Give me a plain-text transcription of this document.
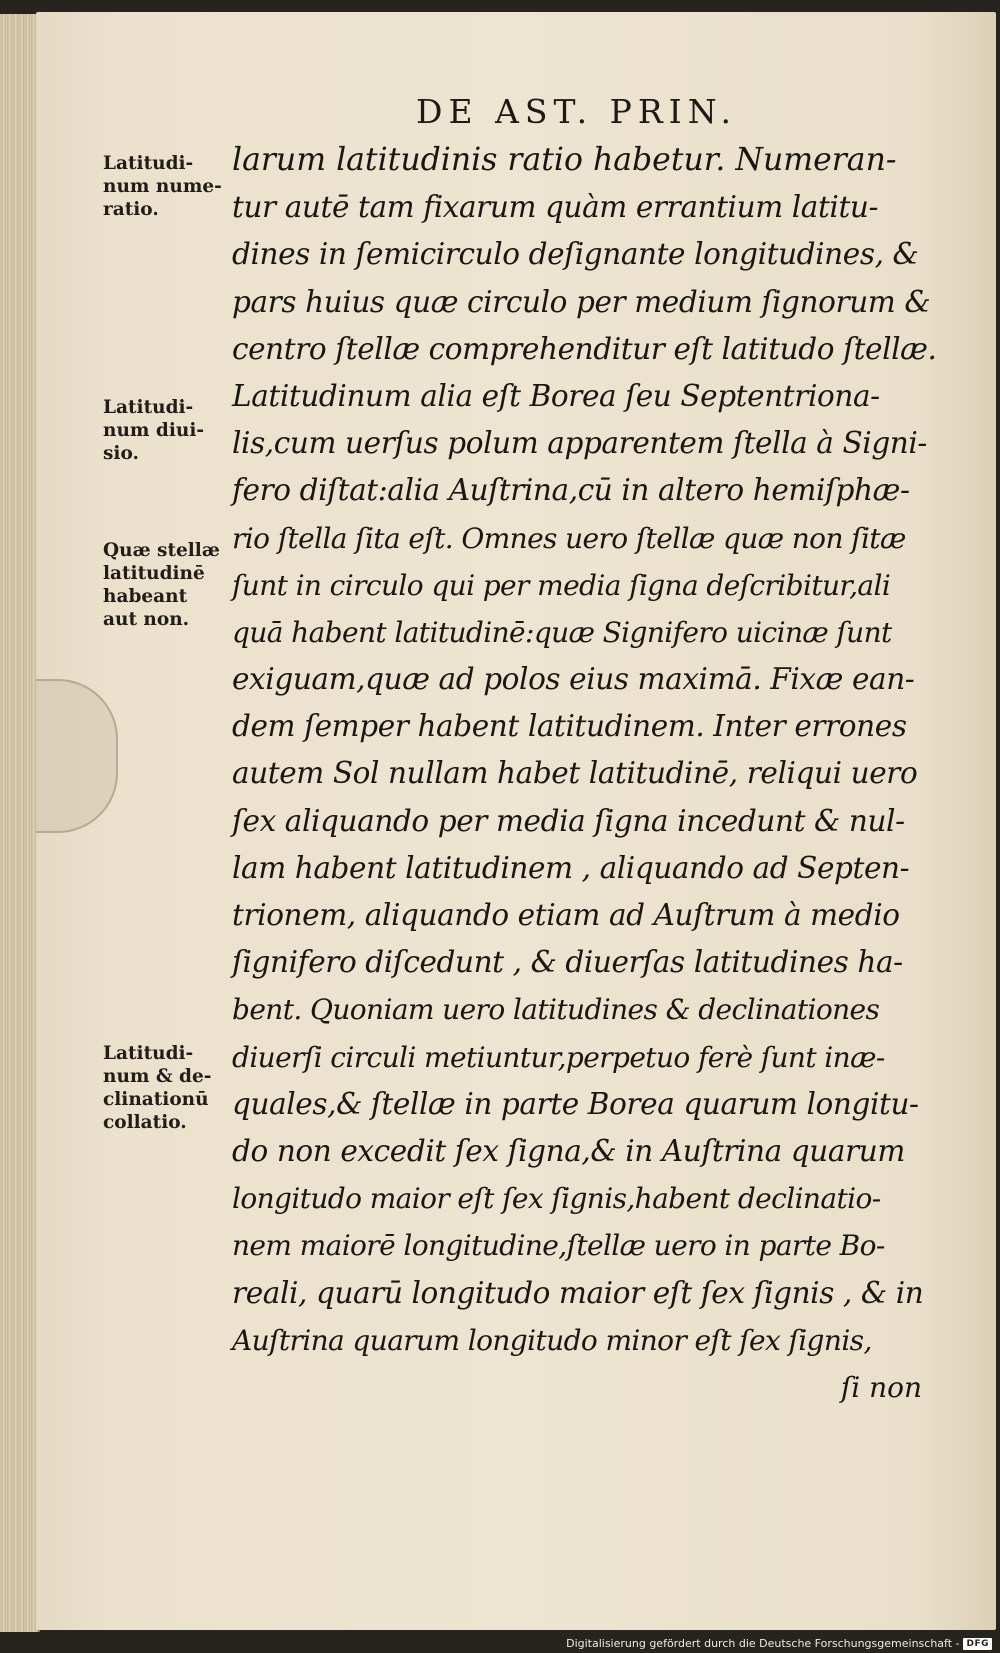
DE AST. PRIN.
Latitudi-
num nume-
ratio.
Latitudi-
num diui-
sio.
Quæ stellæ
latitudinē
habeant
aut non.
Latitudi-
num & de-
clinationū
collatio.
larum latitudinis ratio habetur. Numeran-
tur autē tam fixarum quàm errantium latitu-
dines in ſemicirculo deſignante longitudines, &
pars huius quæ circulo per medium ſignorum &
centro ſtellæ comprehenditur eſt latitudo ſtellæ.
Latitudinum alia eſt Borea ſeu Septentriona-
lis,cum uerſus polum apparentem ſtella à Signi-
fero diſtat:alia Auſtrina,cū in altero hemiſphæ-
rio ſtella ſita eſt. Omnes uero ſtellæ quæ non ſitæ
ſunt in circulo qui per media ſigna deſcribitur,ali
quā habent latitudinē:quæ Signifero uicinæ ſunt
exiguam,quæ ad polos eius maximā. Fixæ ean-
dem ſemper habent latitudinem. Inter errones
autem Sol nullam habet latitudinē, reliqui uero
ſex aliquando per media ſigna incedunt & nul-
lam habent latitudinem , aliquando ad Septen-
trionem, aliquando etiam ad Auſtrum à medio
ſignifero diſcedunt , & diuerſas latitudines ha-
bent. Quoniam uero latitudines & declinationes
diuerſi circuli metiuntur,perpetuo ferè ſunt inæ-
quales,& ſtellæ in parte Borea quarum longitu-
do non excedit ſex ſigna,& in Auſtrina quarum
longitudo maior eſt ſex ſignis,habent declinatio-
nem maiorē longitudine,ſtellæ uero in parte Bo-
reali, quarū longitudo maior eſt ſex ſignis , & in
Auſtrina quarum longitudo minor eſt ſex ſignis,
ſi non
Digitalisierung gefördert durch die Deutsche Forschungsgemeinschaft - DFG
